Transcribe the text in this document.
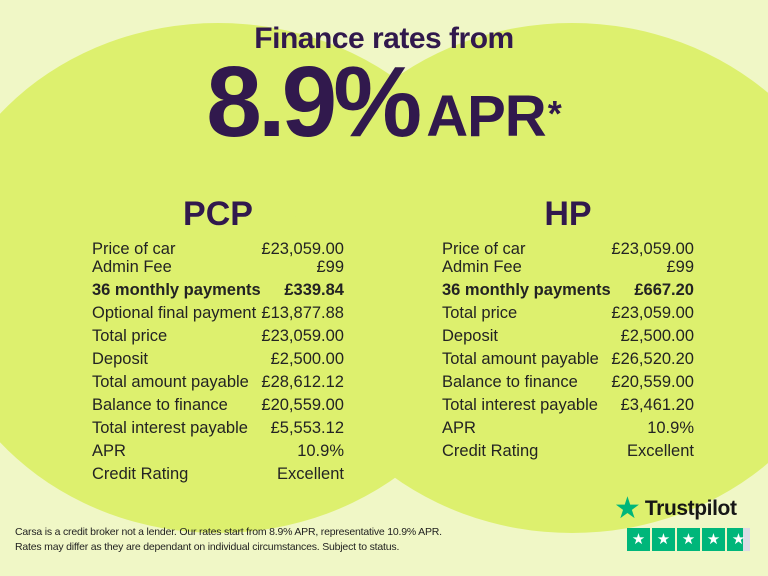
Finance rates from
8.9% APR *
PCP
Price of car	£23,059.00
Admin Fee	£99
36 monthly payments £339.84
Optional final payment £13,877.88
Total price	£23,059.00
Deposit	£2,500.00
Total amount payable £28,612.12
Balance to finance £20,559.00
Total interest payable £5,553.12
APR	10.9%
Credit Rating	Excellent
HP
Price of car	£23,059.00
Admin Fee	£99
36 monthly payments £667.20
Total price	£23,059.00
Deposit	£2,500.00
Total amount payable £26,520.20
Balance to finance £20,559.00
Total interest payable £3,461.20
APR	10.9%
Credit Rating	Excellent
Carsa is a credit broker not a lender. Our rates start from 8.9% APR, representative 10.9% APR.
Rates may differ as they are dependant on individual circumstances. Subject to status.
★ Trustpilot
★ ★ ★ ★ ★
